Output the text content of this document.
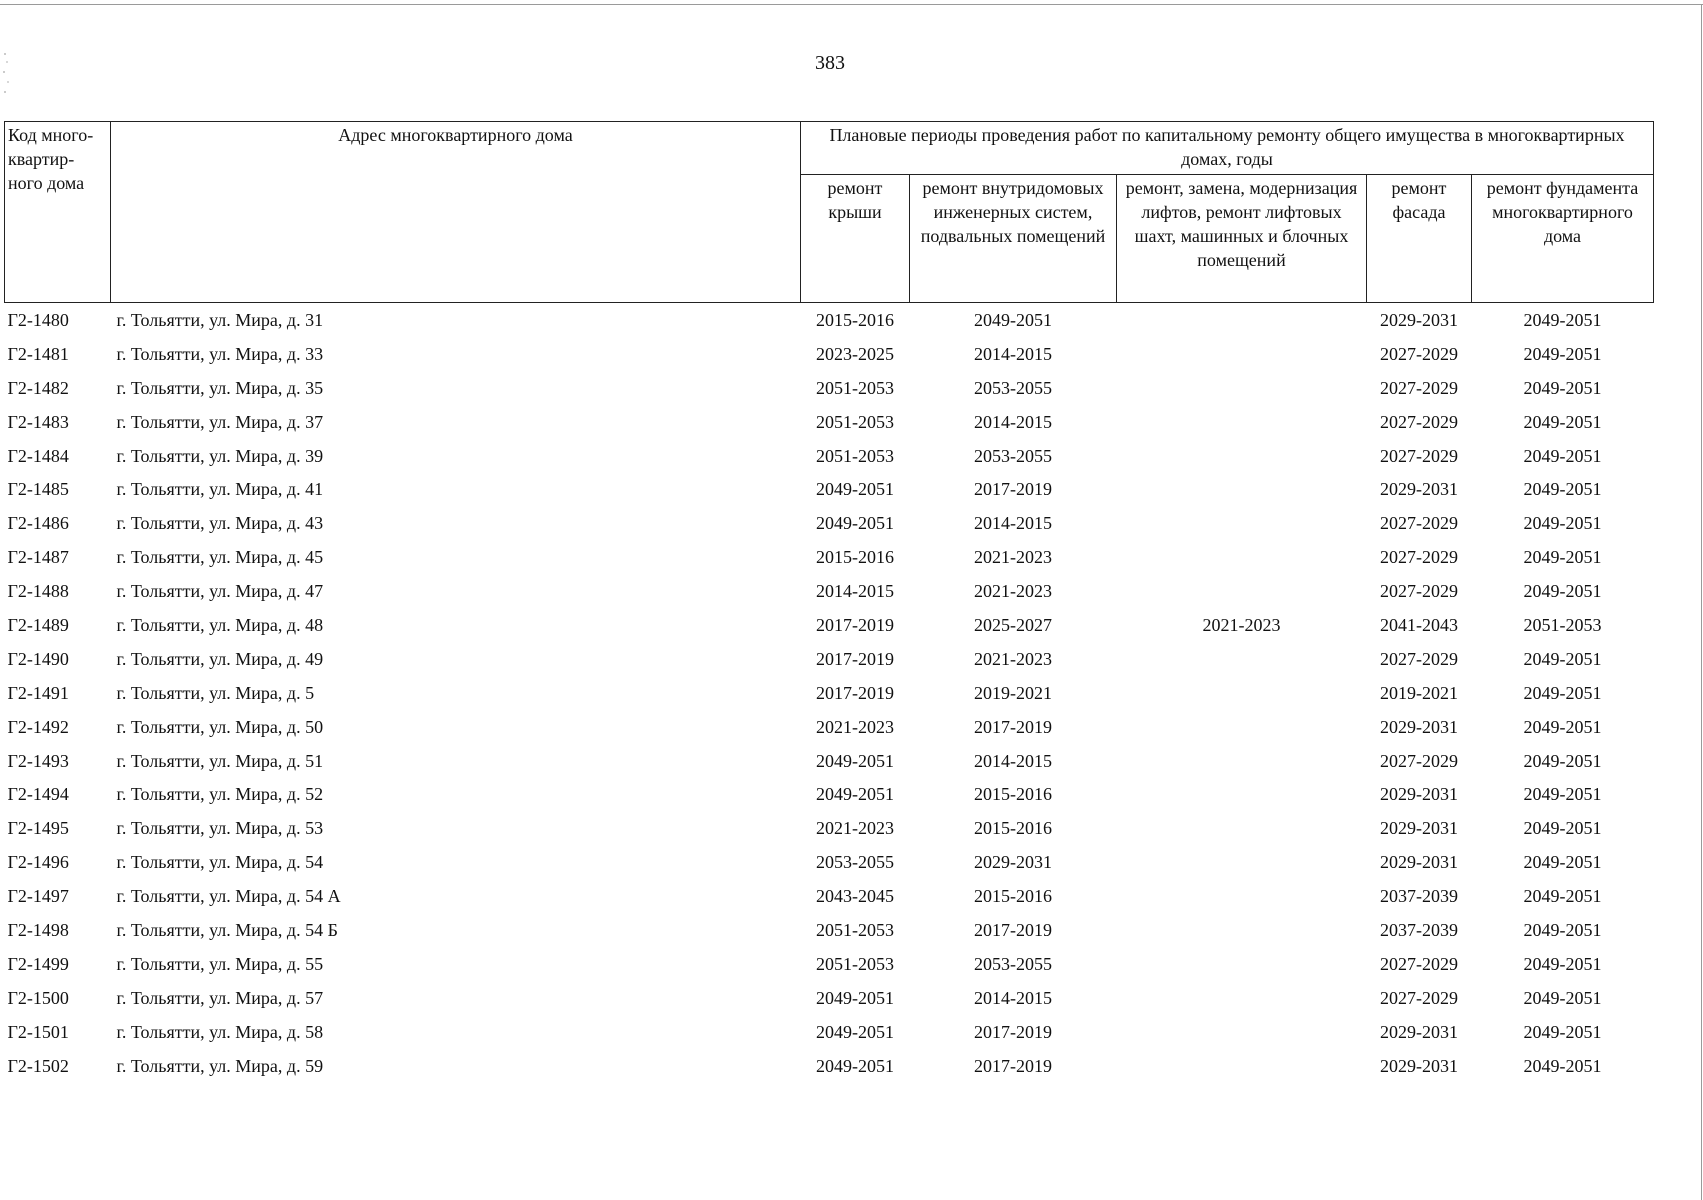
383
Код много-квартир-ного дома	Адрес многоквартирного дома	Плановые периоды проведения работ по капитальному ремонту общего имущества в многоквартирных домах, годы				
		ремонт крыши	ремонт внутридомовых инженерных систем, подвальных помещений	ремонт, замена, модернизация лифтов, ремонт лифтовых шахт, машинных и блочных помещений	ремонт фасада	ремонт фундамента многоквартирного дома
Г2-1480	г. Тольятти, ул. Мира, д. 31	2015-2016	2049-2051		2029-2031	2049-2051
Г2-1481	г. Тольятти, ул. Мира, д. 33	2023-2025	2014-2015		2027-2029	2049-2051
Г2-1482	г. Тольятти, ул. Мира, д. 35	2051-2053	2053-2055		2027-2029	2049-2051
Г2-1483	г. Тольятти, ул. Мира, д. 37	2051-2053	2014-2015		2027-2029	2049-2051
Г2-1484	г. Тольятти, ул. Мира, д. 39	2051-2053	2053-2055		2027-2029	2049-2051
Г2-1485	г. Тольятти, ул. Мира, д. 41	2049-2051	2017-2019		2029-2031	2049-2051
Г2-1486	г. Тольятти, ул. Мира, д. 43	2049-2051	2014-2015		2027-2029	2049-2051
Г2-1487	г. Тольятти, ул. Мира, д. 45	2015-2016	2021-2023		2027-2029	2049-2051
Г2-1488	г. Тольятти, ул. Мира, д. 47	2014-2015	2021-2023		2027-2029	2049-2051
Г2-1489	г. Тольятти, ул. Мира, д. 48	2017-2019	2025-2027	2021-2023	2041-2043	2051-2053
Г2-1490	г. Тольятти, ул. Мира, д. 49	2017-2019	2021-2023		2027-2029	2049-2051
Г2-1491	г. Тольятти, ул. Мира, д. 5	2017-2019	2019-2021		2019-2021	2049-2051
Г2-1492	г. Тольятти, ул. Мира, д. 50	2021-2023	2017-2019		2029-2031	2049-2051
Г2-1493	г. Тольятти, ул. Мира, д. 51	2049-2051	2014-2015		2027-2029	2049-2051
Г2-1494	г. Тольятти, ул. Мира, д. 52	2049-2051	2015-2016		2029-2031	2049-2051
Г2-1495	г. Тольятти, ул. Мира, д. 53	2021-2023	2015-2016		2029-2031	2049-2051
Г2-1496	г. Тольятти, ул. Мира, д. 54	2053-2055	2029-2031		2029-2031	2049-2051
Г2-1497	г. Тольятти, ул. Мира, д. 54 А	2043-2045	2015-2016		2037-2039	2049-2051
Г2-1498	г. Тольятти, ул. Мира, д. 54 Б	2051-2053	2017-2019		2037-2039	2049-2051
Г2-1499	г. Тольятти, ул. Мира, д. 55	2051-2053	2053-2055		2027-2029	2049-2051
Г2-1500	г. Тольятти, ул. Мира, д. 57	2049-2051	2014-2015		2027-2029	2049-2051
Г2-1501	г. Тольятти, ул. Мира, д. 58	2049-2051	2017-2019		2029-2031	2049-2051
Г2-1502	г. Тольятти, ул. Мира, д. 59	2049-2051	2017-2019		2029-2031	2049-2051
